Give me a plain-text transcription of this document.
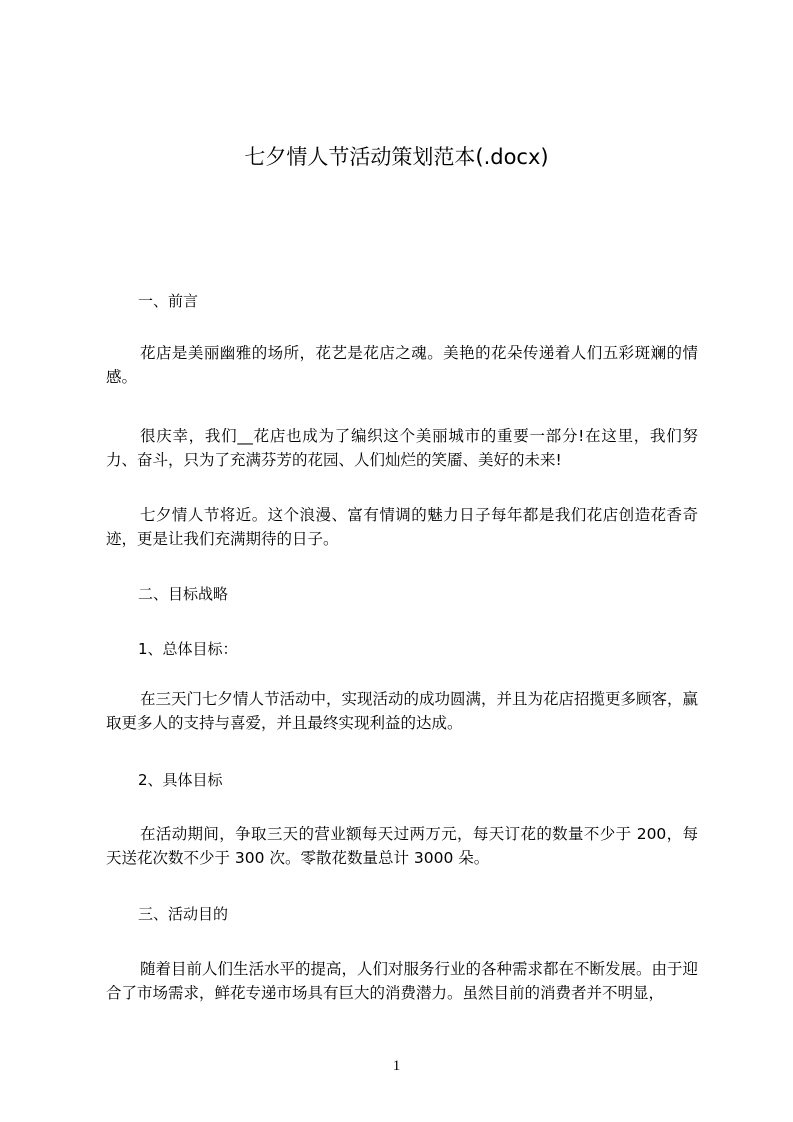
七夕情人节活动策划范本(.docx)
一、前言

花店是美丽幽雅的场所，花艺是花店之魂。美艳的花朵传递着人们五彩斑斓的情感。

很庆幸，我们__花店也成为了编织这个美丽城市的重要一部分!在这里，我们努力、奋斗，只为了充满芬芳的花园、人们灿烂的笑靥、美好的未来!

七夕情人节将近。这个浪漫、富有情调的魅力日子每年都是我们花店创造花香奇迹，更是让我们充满期待的日子。

二、目标战略
1、总体目标：

在三天门七夕情人节活动中，实现活动的成功圆满，并且为花店招揽更多顾客，赢取更多人的支持与喜爱，并且最终实现利益的达成。

2、具体目标

在活动期间，争取三天的营业额每天过两万元，每天订花的数量不少于 200，每天送花次数不少于 300 次。零散花数量总计 3000 朵。

三、活动目的

随着目前人们生活水平的提高，人们对服务行业的各种需求都在不断发展。由于迎合了市场需求，鲜花专递市场具有巨大的消费潜力。虽然目前的消费者并不明显，

1
